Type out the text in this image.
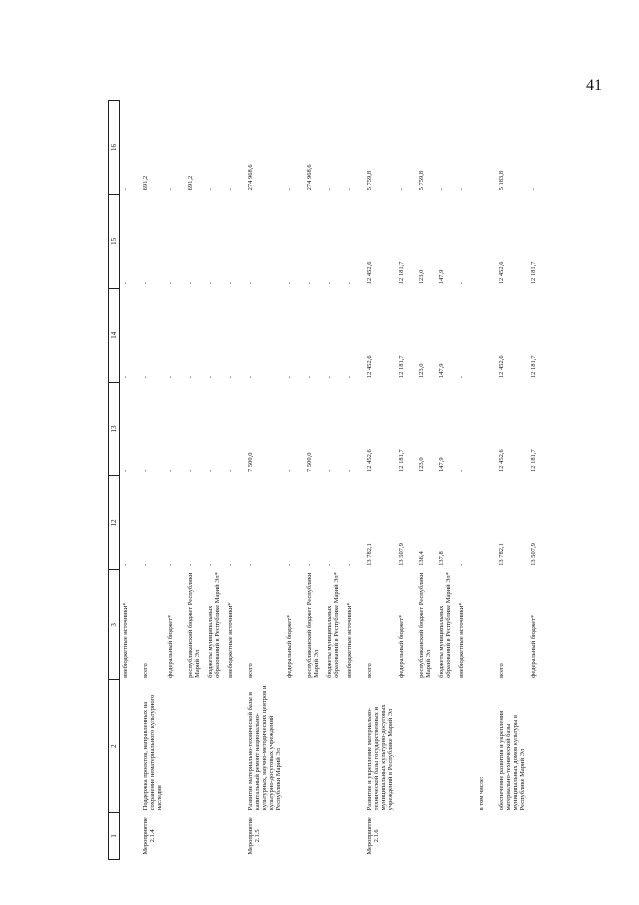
41
1	2	3	12	13	14	15	16
		внебюджетные источники*	-	-	-	-	-
Мероприятие 2.1.4	Поддержка проектов, направленных на сохранение нематериального культурного наследия	всего	-	-	-	-	691,2
		федеральный бюджет*	-	-	-	-	-
		республиканский бюджет Республики Марий Эл	-	-	-	-	691,2
		бюджеты муниципальных образований в Республике Марий Эл*	-	-	-	-	-
		внебюджетные источники*	-	-	-	-	-
Мероприятие 2.1.5	Развитие материально-технической базы и капитальный ремонт национально-культурных, научно-методических центров и культурно-досуговых учреждений Республики Марий Эл	всего	-	7 500,0	-	-	274 968,6
		федеральный бюджет*	-	-	-	-	-
		республиканский бюджет Республики Марий Эл	-	7 500,0	-	-	274 968,6
		бюджеты муниципальных образований в Республике Марий Эл*	-	-	-	-	-
		внебюджетные источники*	-	-	-	-	-
Мероприятие 2.1.6	Развитие и укрепление материально-технической базы государственных и муниципальных культурно-досуговых учреждений в Республике Марий Эл	всего	13 782,1	12 452,6	12 452,6	12 452,6	5 759,8
		федеральный бюджет*	13 507,9	12 181,7	12 181,7	12 181,7	-
		республиканский бюджет Республики Марий Эл	136,4	123,0	123,0	123,0	5 759,8
		бюджеты муниципальных образований в Республике Марий Эл*	137,8	147,9	147,9	147,9	-
		внебюджетные источники*	-	-	-	-	-
	в том числе:						
	обеспечение развития и укрепления материально-технической базы муниципальных домов культуры в Республике Марий Эл	всего	13 782,1	12 452,6	12 452,6	12 452,6	5 183,8
		федеральный бюджет*	13 507,9	12 181,7	12 181,7	12 181,7	-
